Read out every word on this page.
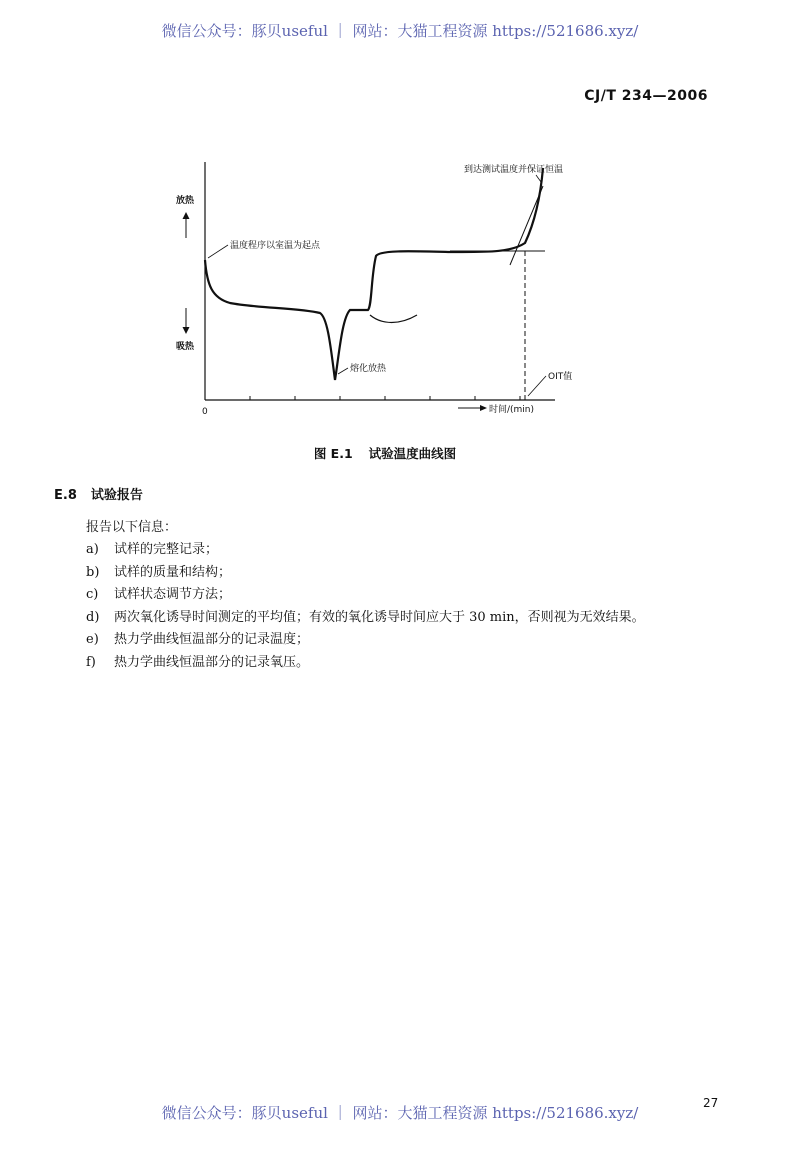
微信公众号：豚贝useful ｜ 网站：大猫工程资源 https://521686.xyz/
CJ/T 234—2006
放热
吸热
0	时间/(min)
温度程序以室温为起点
熔化放热
到达测试温度并保证恒温
OIT值
图 E.1 试验温度曲线图
E.8 试验报告
报告以下信息：
a) 试样的完整记录；
b) 试样的质量和结构；
c) 试样状态调节方法；
d) 两次氧化诱导时间测定的平均值；有效的氧化诱导时间应大于 30 min，否则视为无效结果。
e) 热力学曲线恒温部分的记录温度；
f) 热力学曲线恒温部分的记录氧压。
27
微信公众号：豚贝useful ｜ 网站：大猫工程资源 https://521686.xyz/
